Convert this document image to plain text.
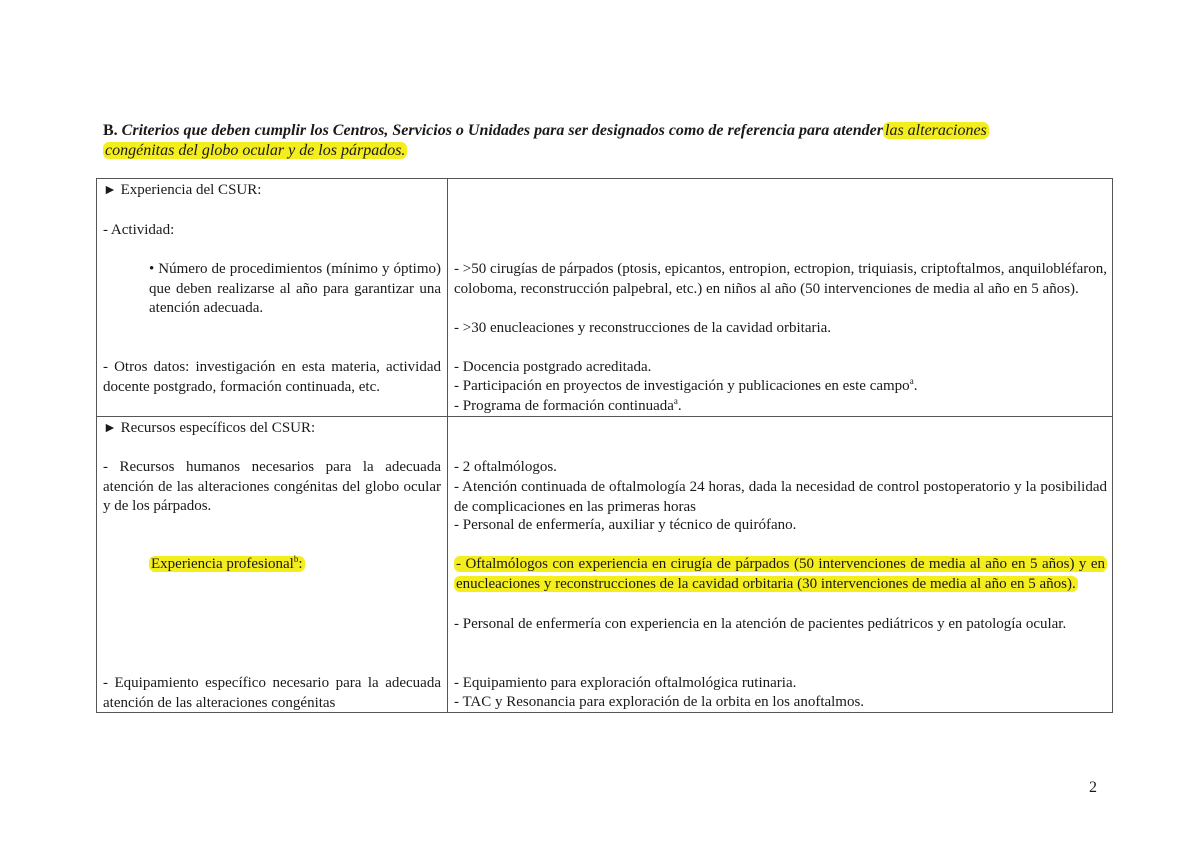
B. Criterios que deben cumplir los Centros, Servicios o Unidades para ser designados como de referencia para atender las alteraciones
congénitas del globo ocular y de los párpados.

► Experiencia del CSUR:

- Actividad:

• Número de procedimientos (mínimo y óptimo) que deben realizarse al año para garantizar una atención adecuada.

- Otros datos: investigación en esta materia, actividad docente postgrado, formación continuada, etc.

- >50 cirugías de párpados (ptosis, epicantos, entropion, ectropion, triquiasis, criptoftalmos, anquilobléfaron, coloboma, reconstrucción palpebral, etc.) en niños al año (50 intervenciones de media al año en 5 años).

- >30 enucleaciones y reconstrucciones de la cavidad orbitaria.

- Docencia postgrado acreditada.

- Participación en proyectos de investigación y publicaciones en este campo$^a$.

- Programa de formación continuada$^a$.

► Recursos específicos del CSUR:

- Recursos humanos necesarios para la adecuada atención de las alteraciones congénitas del globo ocular y de los párpados.

Experiencia profesional$^b$:

- Equipamiento específico necesario para la adecuada atención de las alteraciones congénitas

- 2 oftalmólogos.

- Atención continuada de oftalmología 24 horas, dada la necesidad de control postoperatorio y la posibilidad de complicaciones en las primeras horas

- Personal de enfermería, auxiliar y técnico de quirófano.

- Oftalmólogos con experiencia en cirugía de párpados (50 intervenciones de media al año en 5 años) y en enucleaciones y reconstrucciones de la cavidad orbitaria (30 intervenciones de media al año en 5 años).

- Personal de enfermería con experiencia en la atención de pacientes pediátricos y en patología ocular.

- Equipamiento para exploración oftalmológica rutinaria.

- TAC y Resonancia para exploración de la orbita en los anoftalmos.

2
